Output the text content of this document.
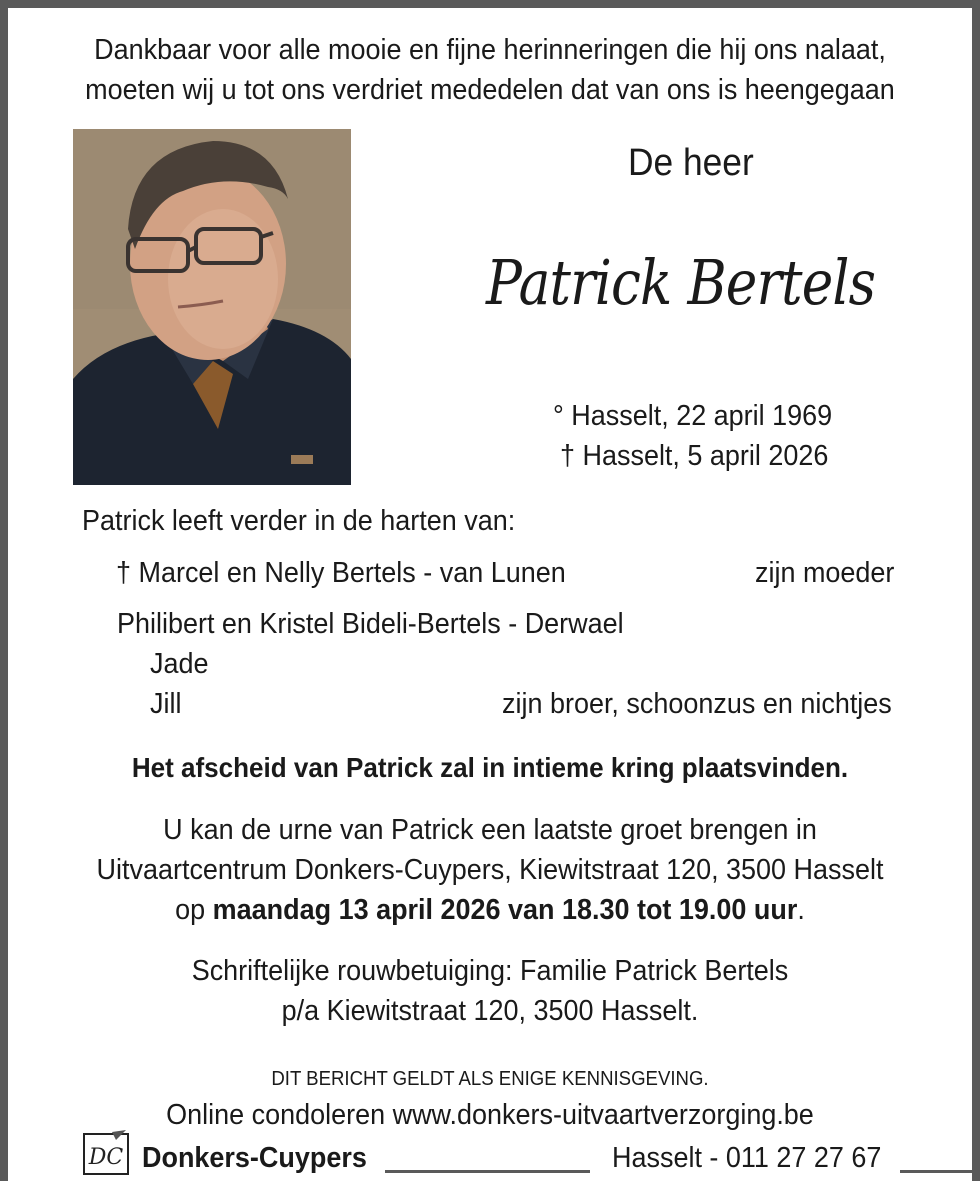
Dankbaar voor alle mooie en fijne herinneringen die hij ons nalaat,
moeten wij u tot ons verdriet mededelen dat van ons is heengegaan
De heer
Patrick Bertels
° Hasselt, 22 april 1969
† Hasselt, 5 april 2026
Patrick leeft verder in de harten van:
† Marcel en Nelly Bertels - van Lunen	zijn moeder
Philibert en Kristel Bideli-Bertels - Derwael
Jade
Jill	zijn broer, schoonzus en nichtjes
Het afscheid van Patrick zal in intieme kring plaatsvinden.
U kan de urne van Patrick een laatste groet brengen in
Uitvaartcentrum Donkers-Cuypers, Kiewitstraat 120, 3500 Hasselt
op maandag 13 april 2026 van 18.30 tot 19.00 uur.
Schriftelijke rouwbetuiging: Familie Patrick Bertels
p/a Kiewitstraat 120, 3500 Hasselt.
DIT BERICHT GELDT ALS ENIGE KENNISGEVING.
Online condoleren www.donkers-uitvaartverzorging.be
DC Donkers-Cuypers	Hasselt - 011 27 27 67
